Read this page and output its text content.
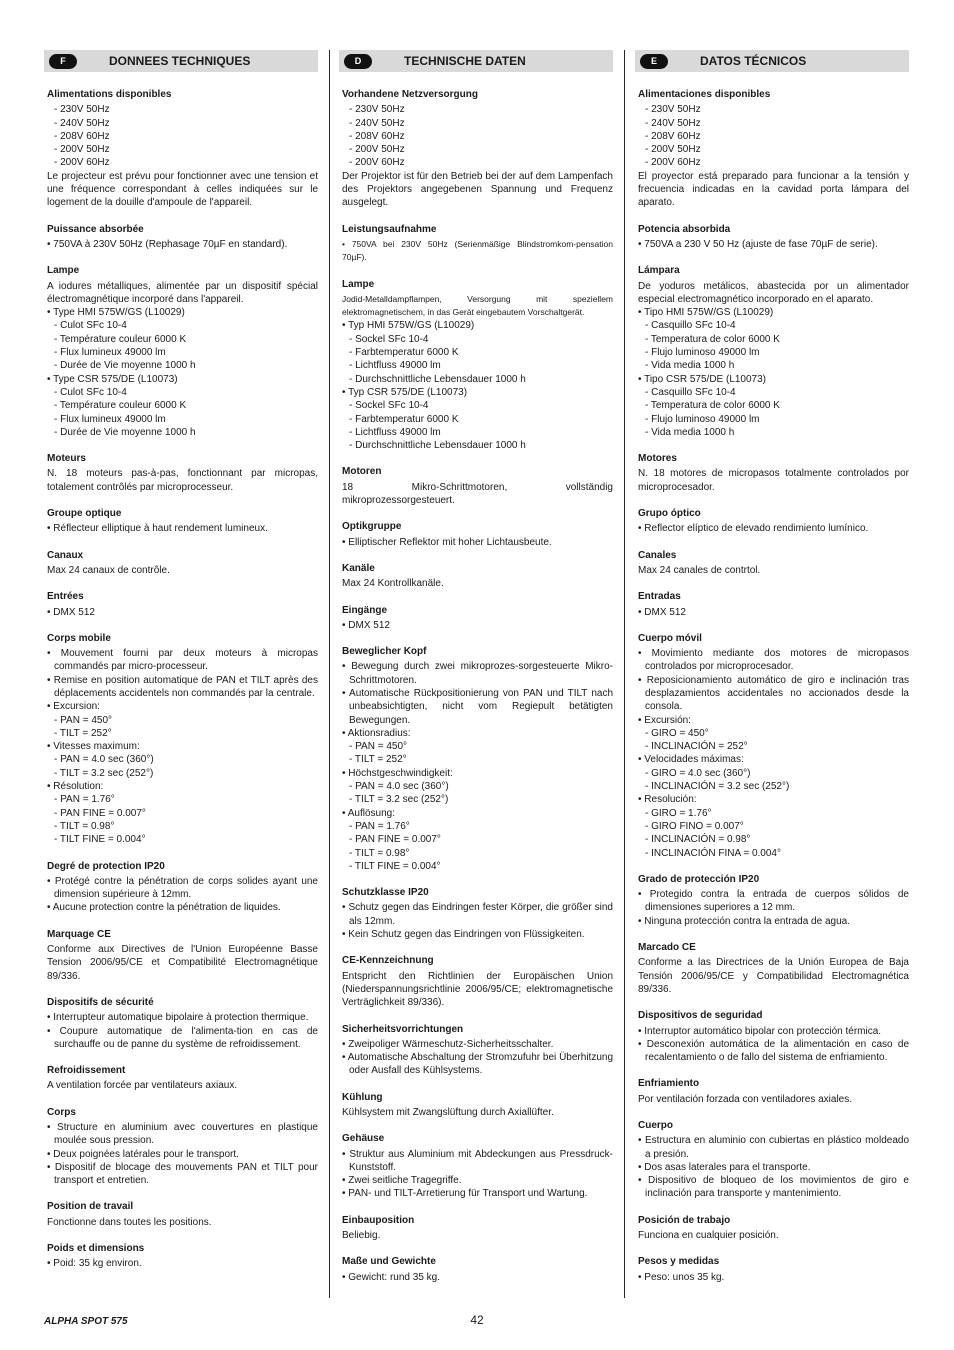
F	DONNEES TECHNIQUES
Alimentations disponibles
- 230V 50Hz
- 240V 50Hz
- 208V 60Hz
- 200V 50Hz
- 200V 60Hz
Le projecteur est prévu pour fonctionner avec une tension et une fréquence correspondant à celles indiquées sur le logement de la douille d'ampoule de l'appareil.
Puissance absorbée
• 750VA à 230V 50Hz (Rephasage 70µF en standard).
Lampe
A iodures métalliques, alimentée par un dispositif spécial électromagnétique incorporé dans l'appareil.
• Type HMI 575W/GS (L10029)
- Culot SFc 10-4
- Température couleur 6000 K
- Flux lumineux 49000 lm
- Durée de Vie moyenne 1000 h
• Type CSR 575/DE (L10073)
- Culot SFc 10-4
- Température couleur 6000 K
- Flux lumineux 49000 lm
- Durée de Vie moyenne 1000 h
Moteurs
N. 18 moteurs pas-à-pas, fonctionnant par micropas, totalement contrôlés par microprocesseur.
Groupe optique
• Réflecteur elliptique à haut rendement lumineux.
Canaux
Max 24 canaux de contrôle.
Entrées
• DMX 512
Corps mobile
• Mouvement fourni par deux moteurs à micropas commandés par micro-processeur.
• Remise en position automatique de PAN et TILT après des déplacements accidentels non commandés par la centrale.
• Excursion:
- PAN = 450°
- TILT = 252°
• Vitesses maximum:
- PAN = 4.0 sec (360°)
- TILT = 3.2 sec (252°)
• Résolution:
- PAN = 1.76°
- PAN FINE = 0.007°
- TILT = 0.98°
- TILT FINE = 0.004°
Degré de protection IP20
• Protégé contre la pénétration de corps solides ayant une dimension supérieure à 12mm.
• Aucune protection contre la pénétration de liquides.
Marquage CE
Conforme aux Directives de l'Union Européenne Basse Tension 2006/95/CE et Compatibilité Electromagnétique 89/336.
Dispositifs de sécurité
• Interrupteur automatique bipolaire à protection thermique.
• Coupure automatique de l'alimenta-tion en cas de surchauffe ou de panne du système de refroidissement.
Refroidissement
A ventilation forcée par ventilateurs axiaux.
Corps
• Structure en aluminium avec couvertures en plastique moulée sous pression.
• Deux poignées latérales pour le transport.
• Dispositif de blocage des mouvements PAN et TILT pour transport et entretien.
Position de travail
Fonctionne dans toutes les positions.
Poids et dimensions
• Poid: 35 kg environ.
D	TECHNISCHE DATEN
Vorhandene Netzversorgung
- 230V 50Hz
- 240V 50Hz
- 208V 60Hz
- 200V 50Hz
- 200V 60Hz
Der Projektor ist für den Betrieb bei der auf dem Lampenfach des Projektors angegebenen Spannung und Frequenz ausgelegt.
Leistungsaufnahme
• 750VA bei 230V 50Hz (Serienmäßige Blindstromkom-pensation 70µF).
Lampe
Jodid-Metalldampflampen, Versorgung mit speziellem elektromagnetischem, in das Gerät eingebautem Vorschaltgerät.
• Typ HMI 575W/GS (L10029)
- Sockel SFc 10-4
- Farbtemperatur 6000 K
- Lichtfluss 49000 lm
- Durchschnittliche Lebensdauer 1000 h
• Typ CSR 575/DE (L10073)
- Sockel SFc 10-4
- Farbtemperatur 6000 K
- Lichtfluss 49000 lm
- Durchschnittliche Lebensdauer 1000 h
Motoren
18 Mikro-Schrittmotoren, vollständig mikroprozessorgesteuert.
Optikgruppe
• Elliptischer Reflektor mit hoher Lichtausbeute.
Kanäle
Max 24 Kontrollkanäle.
Eingänge
• DMX 512
Beweglicher Kopf
• Bewegung durch zwei mikroprozes-sorgesteuerte Mikro-Schrittmotoren.
• Automatische Rückpositionierung von PAN und TILT nach unbeabsichtigten, nicht vom Regiepult betätigten Bewegungen.
• Aktionsradius:
- PAN = 450°
- TILT = 252°
• Höchstgeschwindigkeit:
- PAN = 4.0 sec (360°)
- TILT = 3.2 sec (252°)
• Auflösung:
- PAN = 1.76°
- PAN FINE = 0.007°
- TILT = 0.98°
- TILT FINE = 0.004°
Schutzklasse IP20
• Schutz gegen das Eindringen fester Körper, die größer sind als 12mm.
• Kein Schutz gegen das Eindringen von Flüssigkeiten.
CE-Kennzeichnung
Entspricht den Richtlinien der Europäischen Union (Niederspannungsrichtlinie 2006/95/CE; elektromagnetische Verträglichkeit 89/336).
Sicherheitsvorrichtungen
• Zweipoliger Wärmeschutz-Sicherheitsschalter.
• Automatische Abschaltung der Stromzufuhr bei Überhitzung oder Ausfall des Kühlsystems.
Kühlung
Kühlsystem mit Zwangslüftung durch Axiallüfter.
Gehäuse
• Struktur aus Aluminium mit Abdeckungen aus Pressdruck-Kunststoff.
• Zwei seitliche Tragegriffe.
• PAN- und TILT-Arretierung für Transport und Wartung.
Einbauposition
Beliebig.
Maße und Gewichte
• Gewicht: rund 35 kg.
E	DATOS TÉCNICOS
Alimentaciones disponibles
- 230V 50Hz
- 240V 50Hz
- 208V 60Hz
- 200V 50Hz
- 200V 60Hz
El proyector está preparado para funcionar a la tensión y frecuencia indicadas en la cavidad porta lámpara del aparato.
Potencia absorbida
• 750VA a 230 V 50 Hz (ajuste de fase 70µF de serie).
Lámpara
De yoduros metálicos, abastecida por un alimentador especial electromagnético incorporado en el aparato.
• Tipo HMI 575W/GS (L10029)
- Casquillo SFc 10-4
- Temperatura de color 6000 K
- Flujo luminoso 49000 lm
- Vida media 1000 h
• Tipo CSR 575/DE (L10073)
- Casquillo SFc 10-4
- Temperatura de color 6000 K
- Flujo luminoso 49000 lm
- Vida media 1000 h
Motores
N. 18 motores de micropasos totalmente controlados por microprocesador.
Grupo óptico
• Reflector elíptico de elevado rendimiento lumínico.
Canales
Max 24 canales de contrtol.
Entradas
• DMX 512
Cuerpo móvil
• Movimiento mediante dos motores de micropasos controlados por microprocesador.
• Reposicionamiento automático de giro e inclinación tras desplazamientos accidentales no accionados desde la consola.
• Excursión:
- GIRO = 450°
- INCLINACIÓN = 252°
• Velocidades máximas:
- GIRO = 4.0 sec (360°)
- INCLINACIÓN = 3.2 sec (252°)
• Resolución:
- GIRO = 1.76°
- GIRO FINO = 0.007°
- INCLINACIÓN = 0.98°
- INCLINACIÓN FINA = 0.004°
Grado de protección IP20
• Protegido contra la entrada de cuerpos sólidos de dimensiones superiores a 12 mm.
• Ninguna protección contra la entrada de agua.
Marcado CE
Conforme a las Directrices de la Unión Europea de Baja Tensión 2006/95/CE y Compatibilidad Electromagnética 89/336.
Dispositivos de seguridad
• Interruptor automático bipolar con protección térmica.
• Desconexión automática de la alimentación en caso de recalentamiento o de fallo del sistema de enfriamiento.
Enfriamiento
Por ventilación forzada con ventiladores axiales.
Cuerpo
• Estructura en aluminio con cubiertas en plástico moldeado a presión.
• Dos asas laterales para el transporte.
• Dispositivo de bloqueo de los movimientos de giro e inclinación para transporte y mantenimiento.
Posición de trabajo
Funciona en cualquier posición.
Pesos y medidas
• Peso: unos 35 kg.
ALPHA SPOT 575	42
